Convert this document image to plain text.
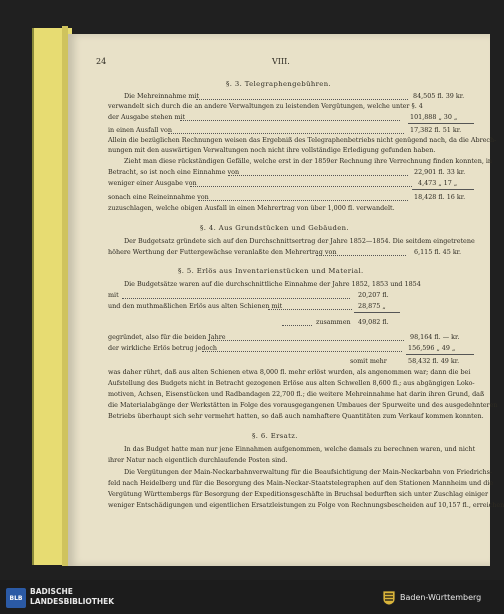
24	VIII.
§. 3. Telegraphengebühren.
Die Mehreinnahme mit	84,505 fl. 39 kr.
verwandelt sich durch die an andere Verwaltungen zu leistenden Vergütungen, welche unter §. 4
der Ausgabe stehen mit	101,888 „ 30 „
in einen Ausfall von	17,382 fl. 51 kr.
Allein die bezüglichen Rechnungen weisen das Ergebniß des Telegraphenbetriebs nicht genügend nach, da die Abrech-
nungen mit den auswärtigen Verwaltungen noch nicht ihre vollständige Erledigung gefunden haben.
Zieht man diese rückständigen Gefälle, welche erst in der 1859er Rechnung ihre Verrechnung finden konnten, in
Betracht, so ist noch eine Einnahme von	22,901 fl. 33 kr.
weniger einer Ausgabe von	4,473 „ 17 „
sonach eine Reineinnahme von	18,428 fl. 16 kr.
zuzuschlagen, welche obigen Ausfall in einen Mehrertrag von über 1,000 fl. verwandelt.
§. 4. Aus Grundstücken und Gebäuden.
Der Budgetsatz gründete sich auf den Durchschnittsertrag der Jahre 1852—1854. Die seitdem eingetretene
höhere Werthung der Futtergewächse veranlaßte den Mehrertrag von	6,115 fl. 45 kr.
§. 5. Erlös aus Inventarienstücken und Material.
Die Budgetsätze waren auf die durchschnittliche Einnahme der Jahre 1852, 1853 und 1854
mit	20,207 fl.
und den muthmaßlichen Erlös aus alten Schienen mit	28,875 „
zusammen 49,082 fl.
gegründet, also für die beiden Jahre	98,164 fl. — kr.
der wirkliche Erlös betrug jedoch	156,596 „ 49 „
somit mehr	58,432 fl. 49 kr.
was daher rührt, daß aus alten Schienen etwa 8,000 fl. mehr erlöst wurden, als angenommen war; dann die bei
Aufstellung des Budgets nicht in Betracht gezogenen Erlöse aus alten Schwellen 8,600 fl.; aus abgängigen Loko-
motiven, Achsen, Eisenstücken und Radbandagen 22,700 fl.; die weitere Mehreinnahme hat darin ihren Grund, daß
die Materialabgänge der Werkstätten in Folge des vorausgegangenen Umbaues der Spurweite und des ausgedehnteren
Betriebs überhaupt sich sehr vermehrt hatten, so daß auch namhaftere Quantitäten zum Verkauf kommen konnten.
§. 6. Ersatz.
In das Budget hatte man nur jene Einnahmen aufgenommen, welche damals zu berechnen waren, und nicht
ihrer Natur nach eigentlich durchlaufende Posten sind.
Die Vergütungen der Main-Neckarbahnverwaltung für die Beaufsichtigung der Main-Neckarbahn von Friedrichs-
feld nach Heidelberg und für die Besorgung des Main-Neckar-Staatstelegraphen auf den Stationen Mannheim und die
Vergütung Württembergs für Besorgung der Expeditionsgeschäfte in Bruchsal bedurften sich unter Zuschlag einiger
weniger Entschädigungen und eigentlichen Ersatzleistungen zu Folge von Rechnungsbescheiden auf 10,157 fl., erreichen
BLB
BADISCHE
LANDESBIBLIOTHEK	Baden-Württemberg
